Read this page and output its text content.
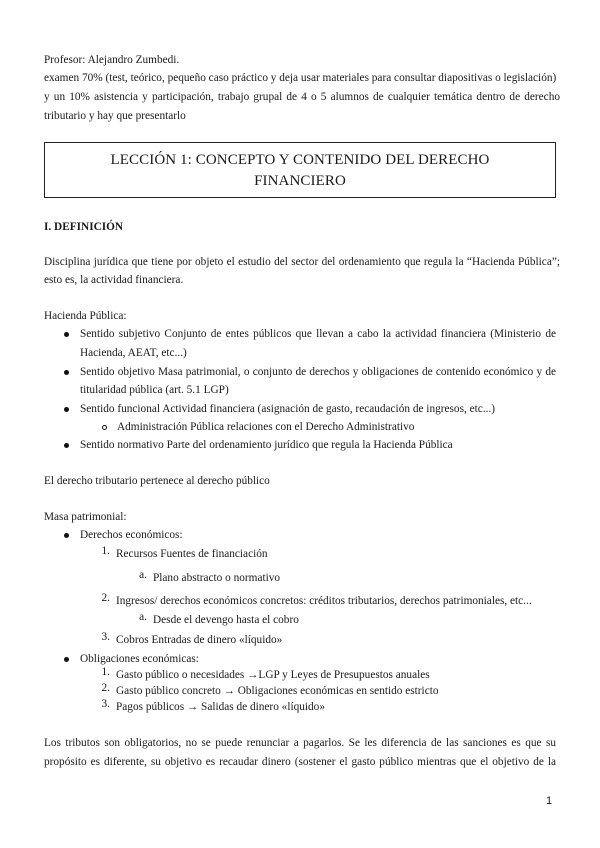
Profesor: Alejandro Zumbedi.
examen 70% (test, teórico, pequeño caso práctico y deja usar materiales para consultar diapositivas o legislación)
y un 10% asistencia y participación, trabajo grupal de 4 o 5 alumnos de cualquier temática dentro de derecho
tributario y hay que presentarlo
LECCIÓN 1: CONCEPTO Y CONTENIDO DEL DERECHO
FINANCIERO
I. DEFINICIÓN
Disciplina jurídica que tiene por objeto el estudio del sector del ordenamiento que regula la “Hacienda Pública”;
esto es, la actividad financiera.
Hacienda Pública:
Sentido subjetivo Conjunto de entes públicos que llevan a cabo la actividad financiera (Ministerio de
Hacienda, AEAT, etc...)
Sentido objetivo Masa patrimonial, o conjunto de derechos y obligaciones de contenido económico y de
titularidad pública (art. 5.1 LGP)
Sentido funcional Actividad financiera (asignación de gasto, recaudación de ingresos, etc...)
Administración Pública relaciones con el Derecho Administrativo
Sentido normativo Parte del ordenamiento jurídico que regula la Hacienda Pública
El derecho tributario pertenece al derecho público
Masa patrimonial:
Derechos económicos:
1. Recursos Fuentes de financiación
a. Plano abstracto o normativo
2. Ingresos/ derechos económicos concretos: créditos tributarios, derechos patrimoniales, etc...
a. Desde el devengo hasta el cobro
3. Cobros Entradas de dinero «líquido»
Obligaciones económicas:
1. Gasto público o necesidades →LGP y Leyes de Presupuestos anuales
2. Gasto público concreto → Obligaciones económicas en sentido estricto
3. Pagos públicos → Salidas de dinero «líquido»
Los tributos son obligatorios, no se puede renunciar a pagarlos. Se les diferencia de las sanciones es que su
propósito es diferente, su objetivo es recaudar dinero (sostener el gasto público mientras que el objetivo de la
1
